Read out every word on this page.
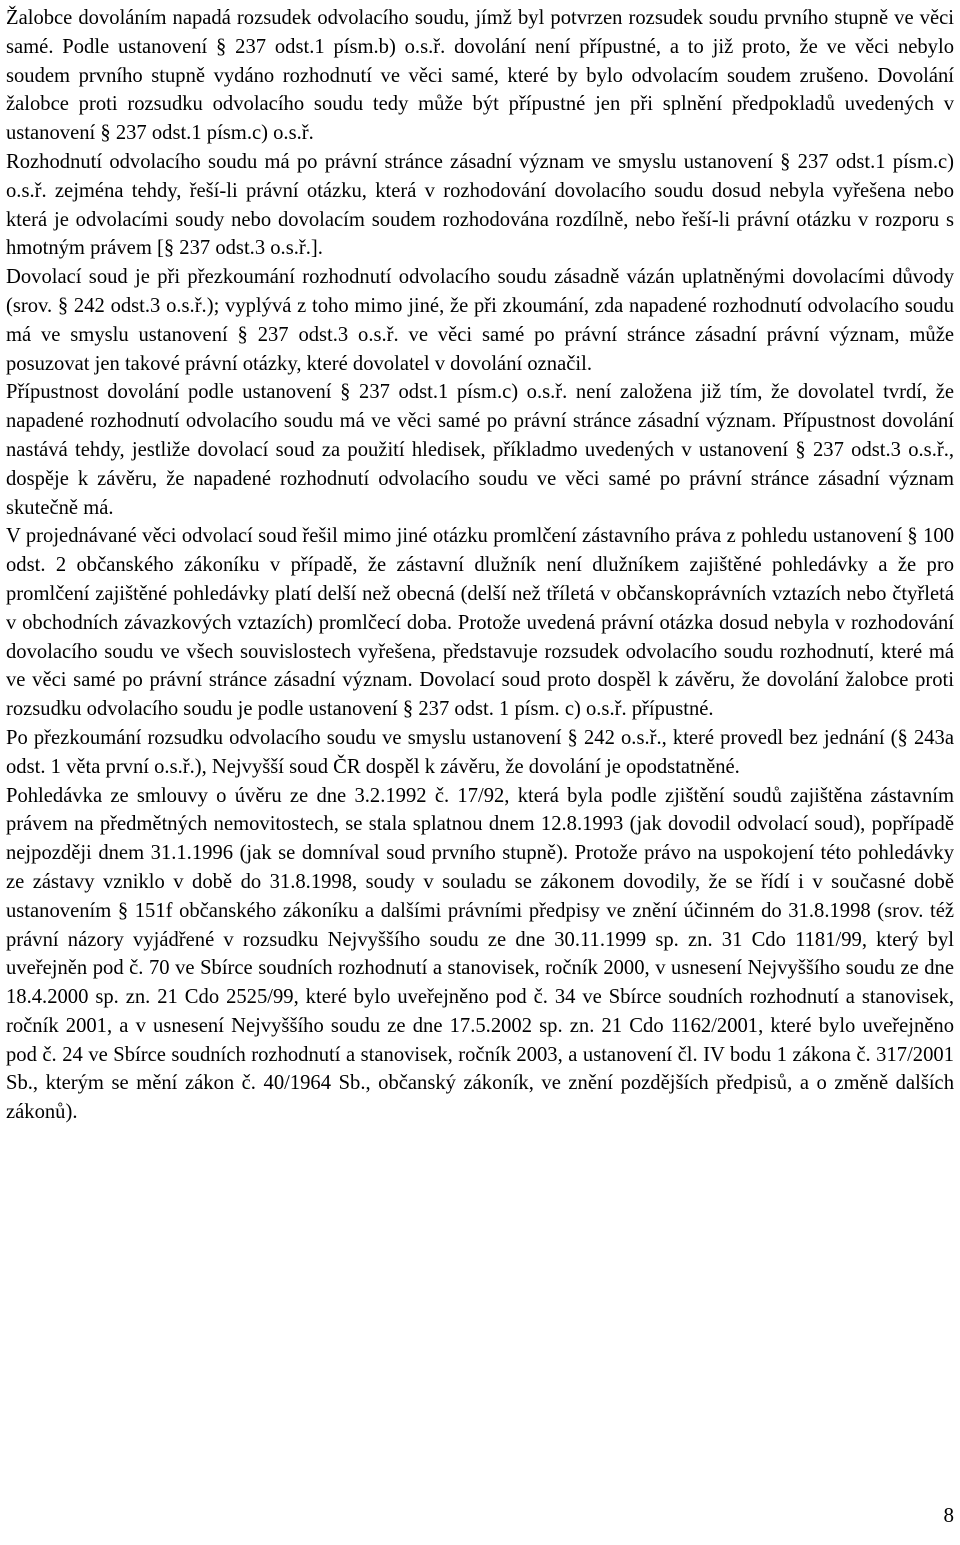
Žalobce dovoláním napadá rozsudek odvolacího soudu, jímž byl potvrzen rozsudek soudu prvního stupně ve věci samé. Podle ustanovení § 237 odst.1 písm.b) o.s.ř. dovolání není přípustné, a to již proto, že ve věci nebylo soudem prvního stupně vydáno rozhodnutí ve věci samé, které by bylo odvolacím soudem zrušeno. Dovolání žalobce proti rozsudku odvolacího soudu tedy může být přípustné jen při splnění předpokladů uvedených v ustanovení § 237 odst.1 písm.c) o.s.ř.

Rozhodnutí odvolacího soudu má po právní stránce zásadní význam ve smyslu ustanovení § 237 odst.1 písm.c) o.s.ř. zejména tehdy, řeší-li právní otázku, která v rozhodování dovolacího soudu dosud nebyla vyřešena nebo která je odvolacími soudy nebo dovolacím soudem rozhodována rozdílně, nebo řeší-li právní otázku v rozporu s hmotným právem [§ 237 odst.3 o.s.ř.].

Dovolací soud je při přezkoumání rozhodnutí odvolacího soudu zásadně vázán uplatněnými dovolacími důvody (srov. § 242 odst.3 o.s.ř.); vyplývá z toho mimo jiné, že při zkoumání, zda napadené rozhodnutí odvolacího soudu má ve smyslu ustanovení § 237 odst.3 o.s.ř. ve věci samé po právní stránce zásadní právní význam, může posuzovat jen takové právní otázky, které dovolatel v dovolání označil.

Přípustnost dovolání podle ustanovení § 237 odst.1 písm.c) o.s.ř. není založena již tím, že dovolatel tvrdí, že napadené rozhodnutí odvolacího soudu má ve věci samé po právní stránce zásadní význam. Přípustnost dovolání nastává tehdy, jestliže dovolací soud za použití hledisek, příkladmo uvedených v ustanovení § 237 odst.3 o.s.ř., dospěje k závěru, že napadené rozhodnutí odvolacího soudu ve věci samé po právní stránce zásadní význam skutečně má.

V projednávané věci odvolací soud řešil mimo jiné otázku promlčení zástavního práva z pohledu ustanovení § 100 odst. 2 občanského zákoníku v případě, že zástavní dlužník není dlužníkem zajištěné pohledávky a že pro promlčení zajištěné pohledávky platí delší než obecná (delší než tříletá v občanskoprávních vztazích nebo čtyřletá v obchodních závazkových vztazích) promlčecí doba. Protože uvedená právní otázka dosud nebyla v rozhodování dovolacího soudu ve všech souvislostech vyřešena, představuje rozsudek odvolacího soudu rozhodnutí, které má ve věci samé po právní stránce zásadní význam. Dovolací soud proto dospěl k závěru, že dovolání žalobce proti rozsudku odvolacího soudu je podle ustanovení § 237 odst. 1 písm. c) o.s.ř. přípustné.

Po přezkoumání rozsudku odvolacího soudu ve smyslu ustanovení § 242 o.s.ř., které provedl bez jednání (§ 243a odst. 1 věta první o.s.ř.), Nejvyšší soud ČR dospěl k závěru, že dovolání je opodstatněné.

Pohledávka ze smlouvy o úvěru ze dne 3.2.1992 č. 17/92, která byla podle zjištění soudů zajištěna zástavním právem na předmětných nemovitostech, se stala splatnou dnem 12.8.1993 (jak dovodil odvolací soud), popřípadě nejpozději dnem 31.1.1996 (jak se domníval soud prvního stupně). Protože právo na uspokojení této pohledávky ze zástavy vzniklo v době do 31.8.1998, soudy v souladu se zákonem dovodily, že se řídí i v současné době ustanovením § 151f občanského zákoníku a dalšími právními předpisy ve znění účinném do 31.8.1998 (srov. též právní názory vyjádřené v rozsudku Nejvyššího soudu ze dne 30.11.1999 sp. zn. 31 Cdo 1181/99, který byl uveřejněn pod č. 70 ve Sbírce soudních rozhodnutí a stanovisek, ročník 2000, v usnesení Nejvyššího soudu ze dne 18.4.2000 sp. zn. 21 Cdo 2525/99, které bylo uveřejněno pod č. 34 ve Sbírce soudních rozhodnutí a stanovisek, ročník 2001, a v usnesení Nejvyššího soudu ze dne 17.5.2002 sp. zn. 21 Cdo 1162/2001, které bylo uveřejněno pod č. 24 ve Sbírce soudních rozhodnutí a stanovisek, ročník 2003, a ustanovení čl. IV bodu 1 zákona č. 317/2001 Sb., kterým se mění zákon č. 40/1964 Sb., občanský zákoník, ve znění pozdějších předpisů, a o změně dalších zákonů).

8
